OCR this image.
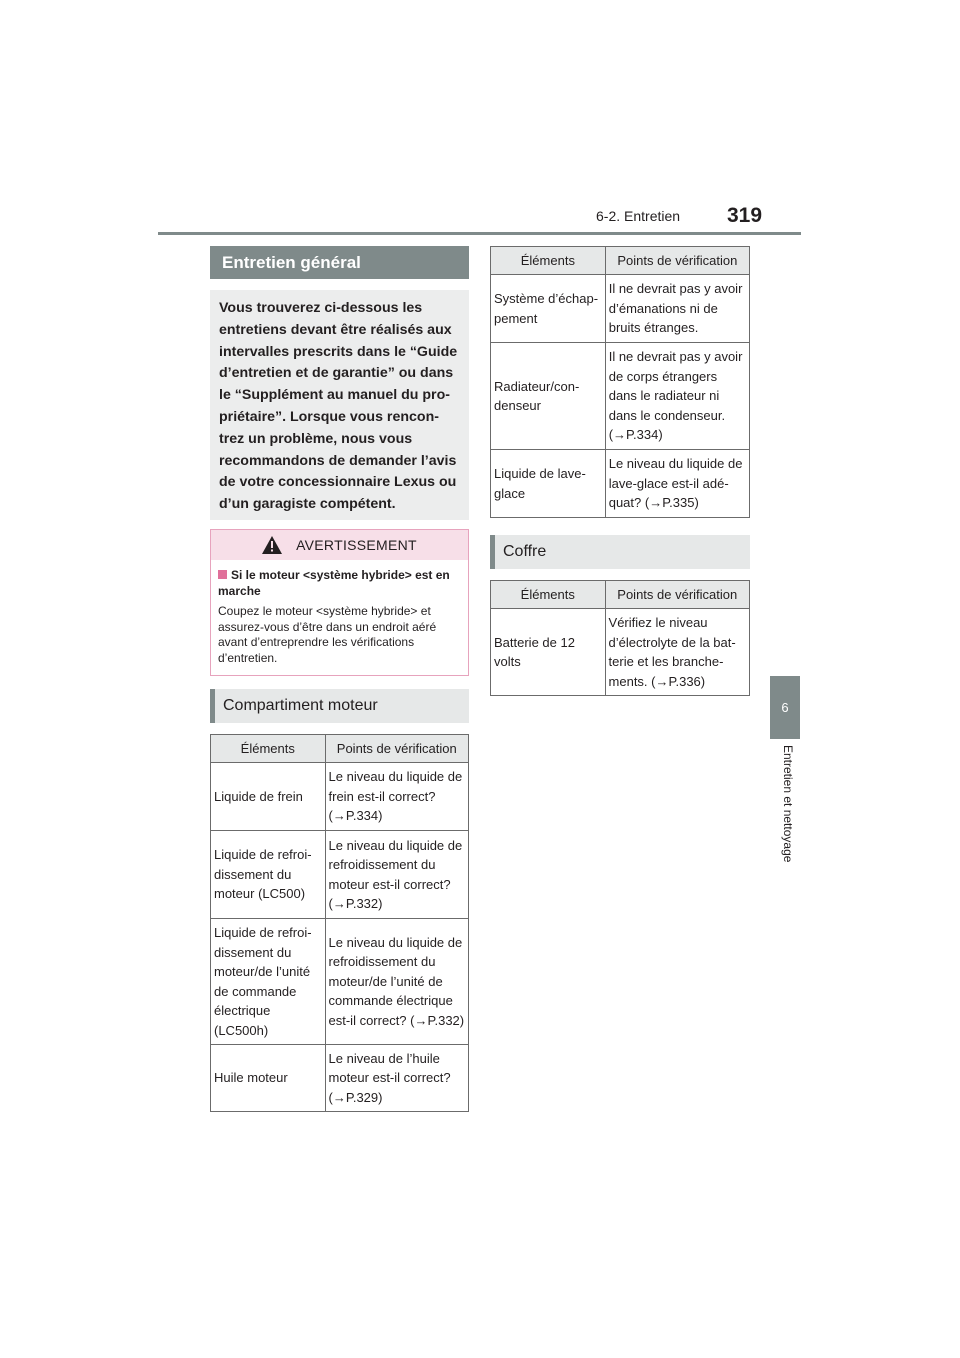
6-2. Entretien 319
6
Entretien et nettoyage
Entretien général
Vous trouverez ci-dessous les entretiens devant être réalisés aux intervalles prescrits dans le “Guide d’entretien et de garantie” ou dans le “Supplément au manuel du pro-priétaire”. Lorsque vous rencon-trez un problème, nous vous recommandons de demander l’avis de votre concessionnaire Lexus ou d’un garagiste compétent.
AVERTISSEMENT
Si le moteur <système hybride> est en marche
Coupez le moteur <système hybride> et assurez-vous d’être dans un endroit aéré avant d’entreprendre les vérifications d’entretien.
Compartiment moteur
Éléments	Points de vérification
Liquide de frein	Le niveau du liquide de frein est-il correct? (→P.334)
Liquide de refroi-dissement du moteur (LC500)	Le niveau du liquide de refroidissement du moteur est-il correct? (→P.332)
Liquide de refroi-dissement du moteur/de l’unité de commande électrique (LC500h)	Le niveau du liquide de refroidissement du moteur/de l’unité de commande électrique est-il correct? (→P.332)
Huile moteur	Le niveau de l’huile moteur est-il correct? (→P.329)
Éléments	Points de vérification
Système d’échap-pement	Il ne devrait pas y avoir d’émanations ni de bruits étranges.
Radiateur/con-denseur	Il ne devrait pas y avoir de corps étrangers dans le radiateur ni dans le condenseur. (→P.334)
Liquide de lave-glace	Le niveau du liquide de lave-glace est-il adé-quat? (→P.335)
Coffre
Éléments	Points de vérification
Batterie de 12 volts	Vérifiez le niveau d’électrolyte de la bat-terie et les branche-ments. (→P.336)
